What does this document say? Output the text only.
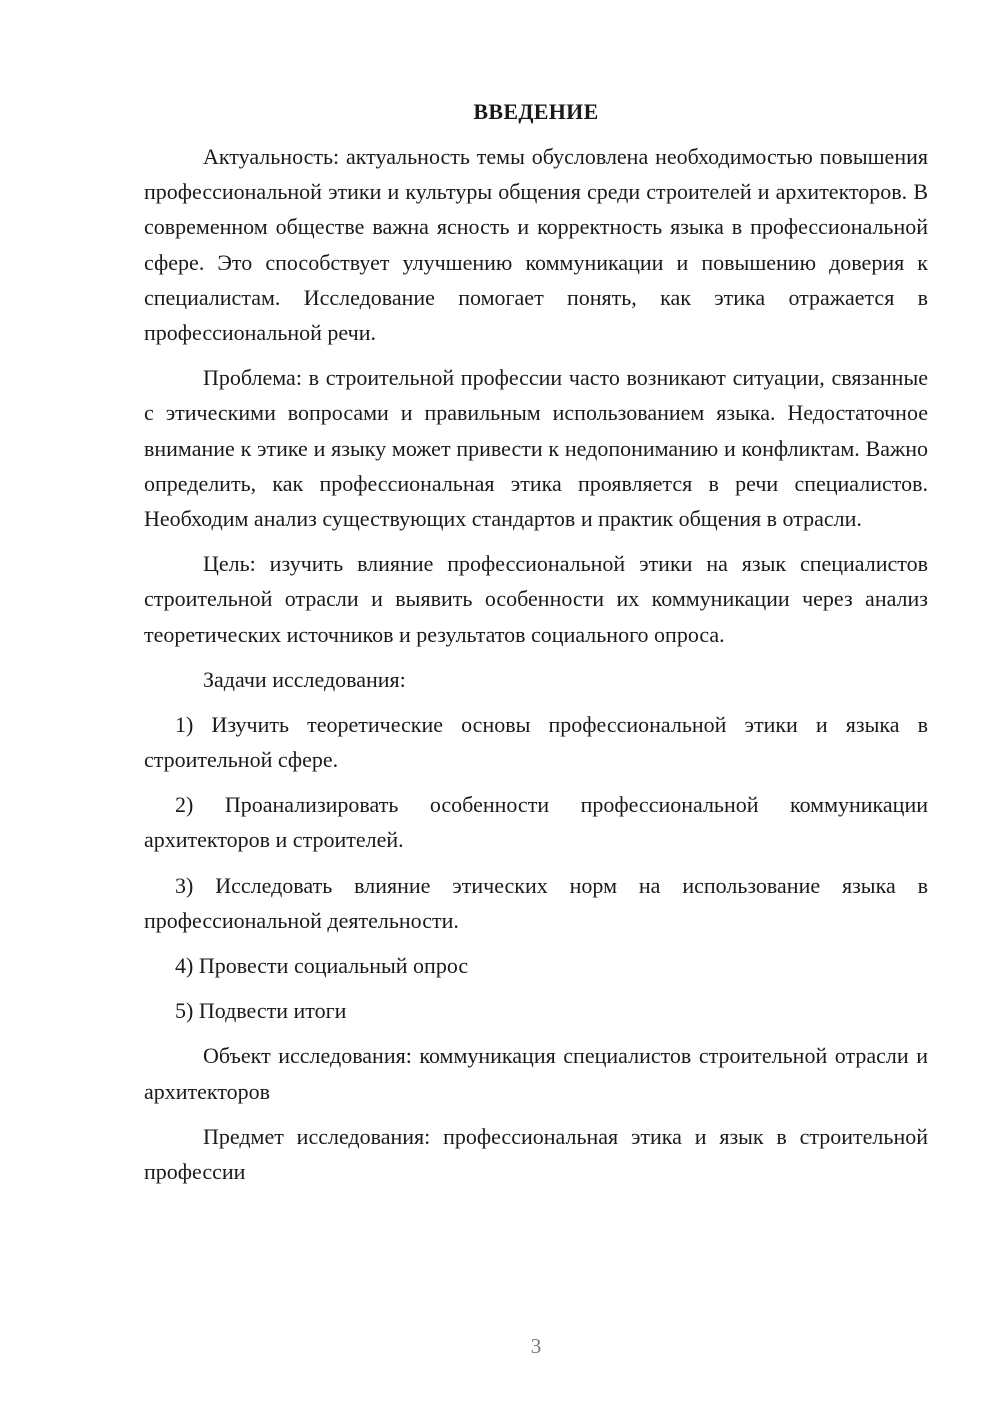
ВВЕДЕНИЕ

Актуальность: актуальность темы обусловлена необходимостью повышения профессиональной этики и культуры общения среди строителей и архитекторов. В современном обществе важна ясность и корректность языка в профессиональной сфере. Это способствует улучшению коммуникации и повышению доверия к специалистам. Исследование помогает понять, как этика отражается в профессиональной речи.

Проблема: в строительной профессии часто возникают ситуации, связанные с этическими вопросами и правильным использованием языка. Недостаточное внимание к этике и языку может привести к недопониманию и конфликтам. Важно определить, как профессиональная этика проявляется в речи специалистов. Необходим анализ существующих стандартов и практик общения в отрасли.

Цель: изучить влияние профессиональной этики на язык специалистов строительной отрасли и выявить особенности их коммуникации через анализ теоретических источников и результатов социального опроса.

Задачи исследования:

1) Изучить теоретические основы профессиональной этики и языка в строительной сфере.

2) Проанализировать особенности профессиональной коммуникации архитекторов и строителей.

3) Исследовать влияние этических норм на использование языка в профессиональной деятельности.

4) Провести социальный опрос

5) Подвести итоги

Объект исследования: коммуникация специалистов строительной отрасли и архитекторов

Предмет исследования: профессиональная этика и язык в строительной профессии

3
